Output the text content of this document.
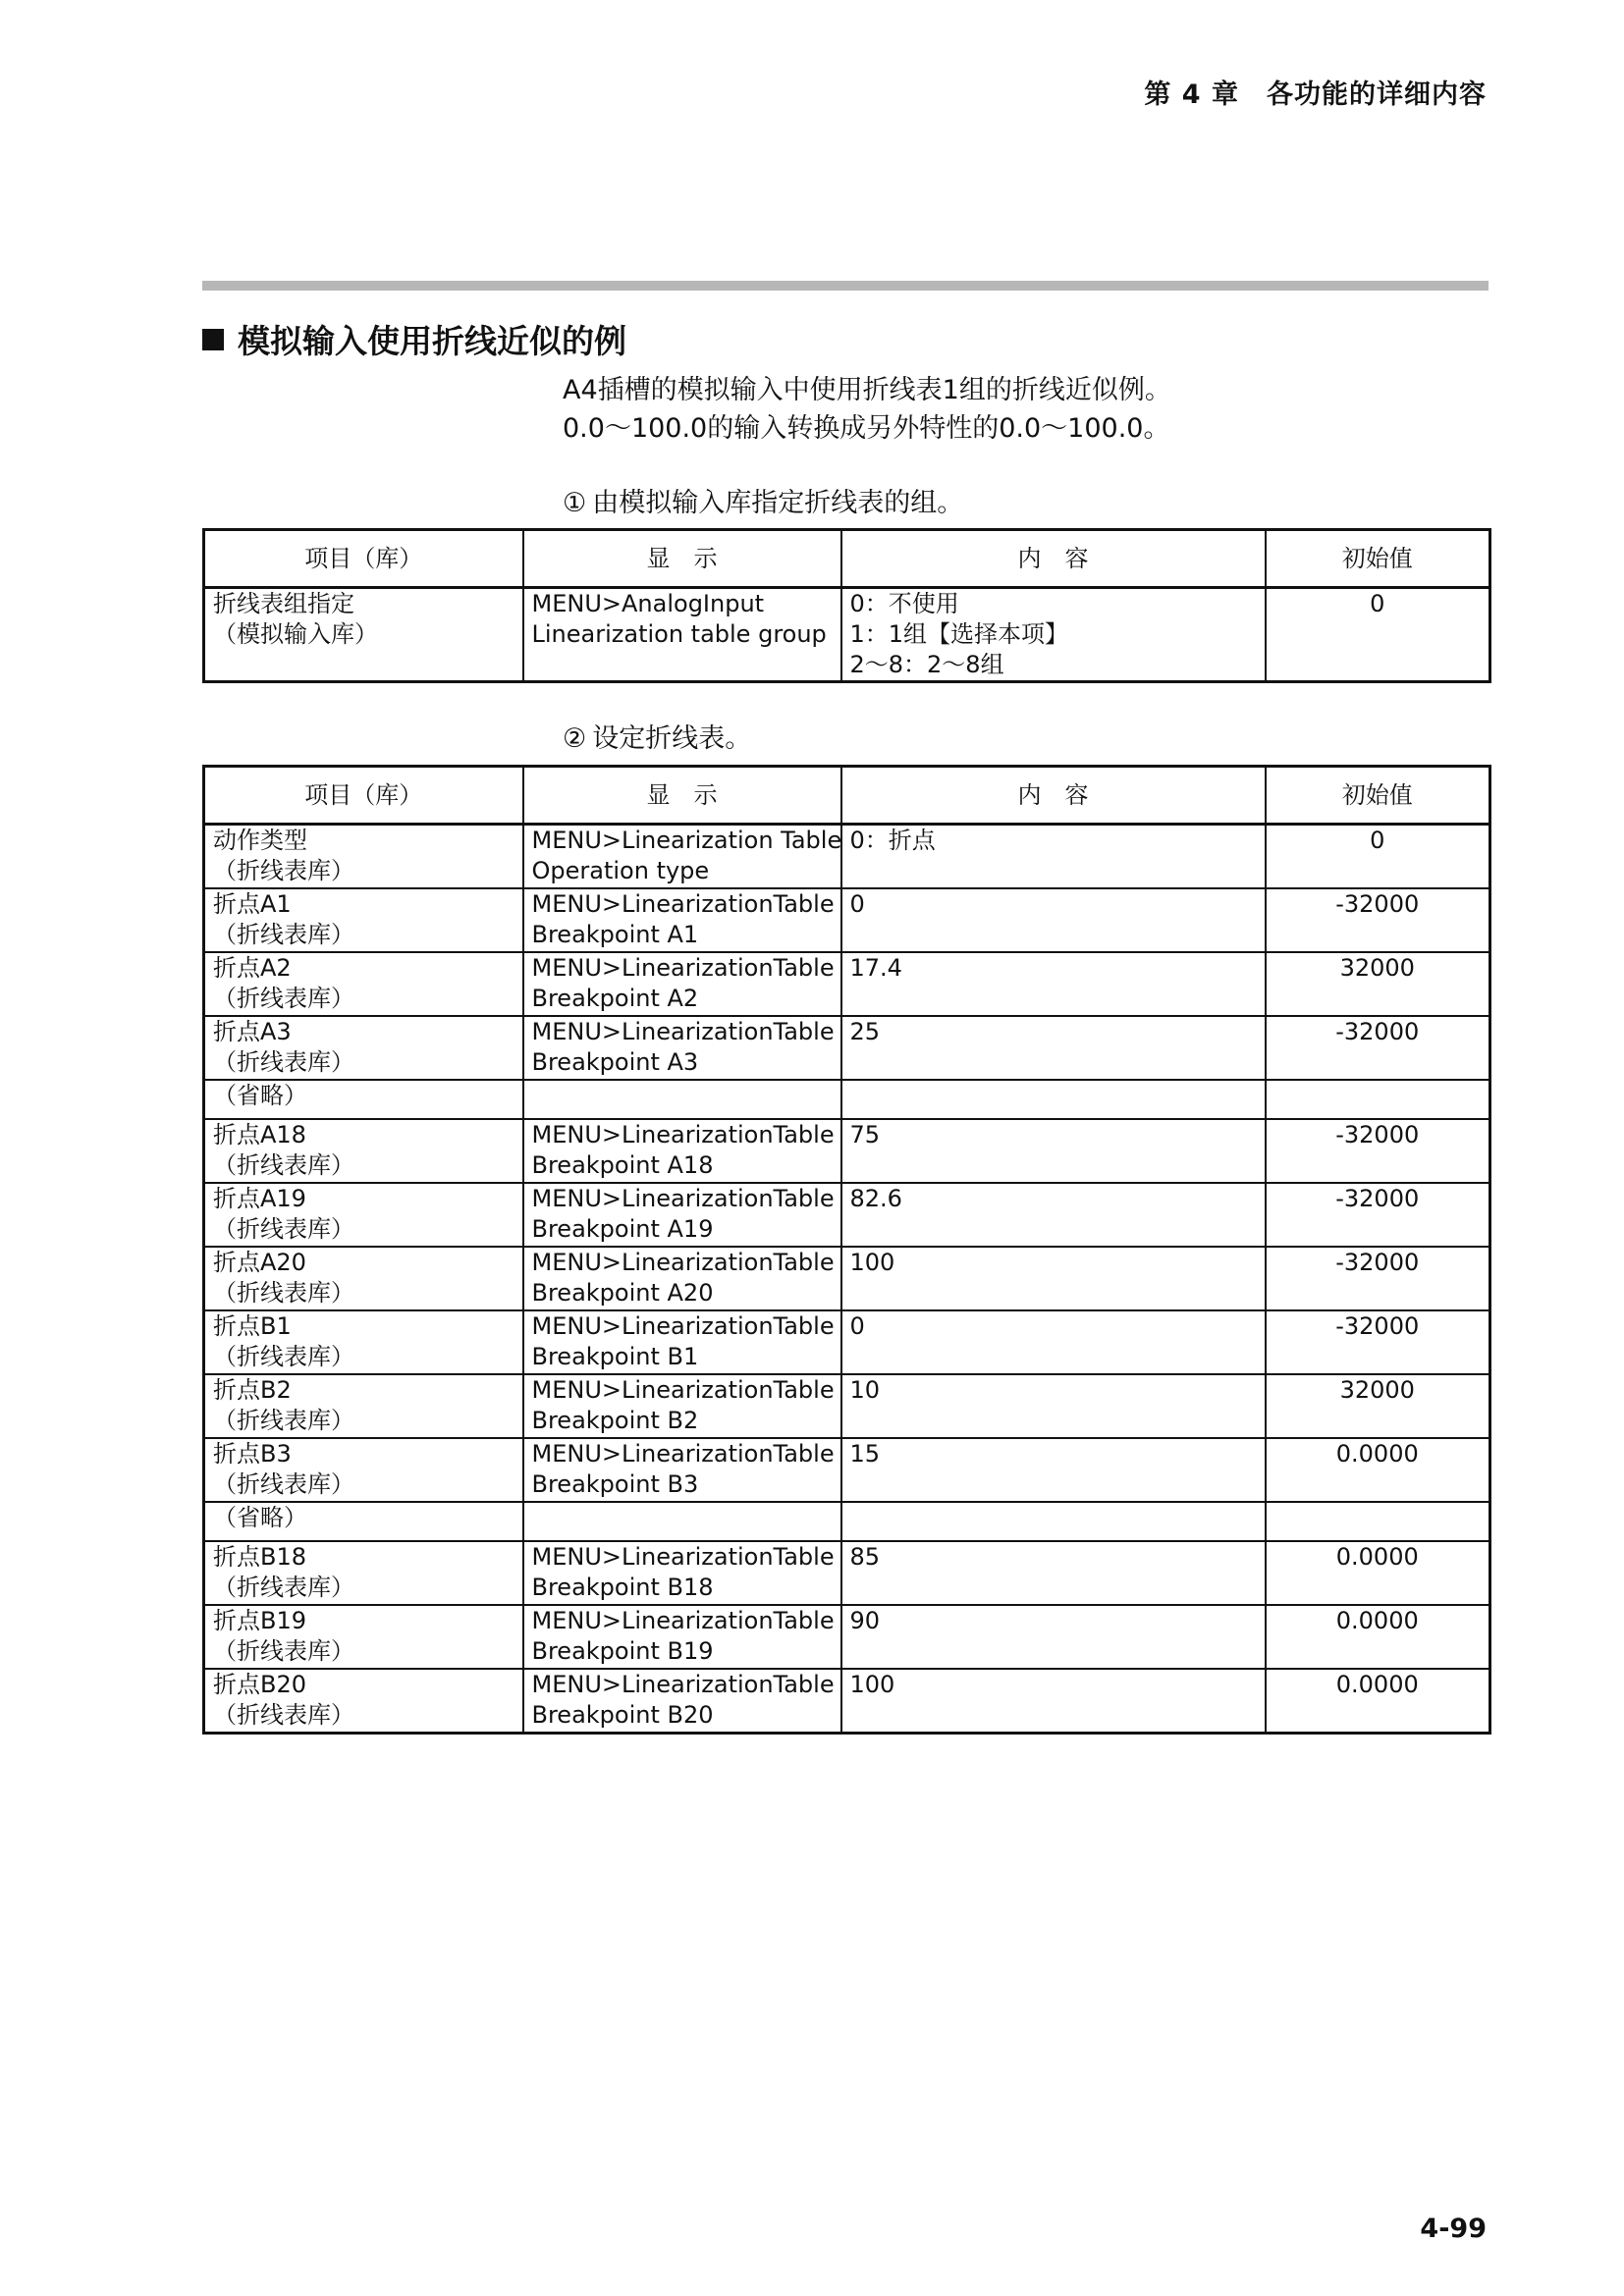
第 4 章　各功能的详细内容
模拟输入使用折线近似的例
A4插槽的模拟输入中使用折线表1组的折线近似例。
0.0～100.0的输入转换成另外特性的0.0～100.0。
① 由模拟输入库指定折线表的组。
项目（库）	显　示	内　容	初始值

折线表组指定
（模拟输入库）	MENU>AnalogInput
Linearization table group	0：不使用
1：1组【选择本项】
2～8：2～8组	0
② 设定折线表。
项目（库）	显　示	内　容	初始值

动作类型
（折线表库）	MENU>Linearization Table
Operation type	0：折点	0

折点A1
（折线表库）	MENU>LinearizationTable
Breakpoint A1	0	-32000

折点A2
（折线表库）	MENU>LinearizationTable
Breakpoint A2	17.4	32000

折点A3
（折线表库）	MENU>LinearizationTable
Breakpoint A3	25	-32000

（省略）			

折点A18
（折线表库）	MENU>LinearizationTable
Breakpoint A18	75	-32000

折点A19
（折线表库）	MENU>LinearizationTable
Breakpoint A19	82.6	-32000

折点A20
（折线表库）	MENU>LinearizationTable
Breakpoint A20	100	-32000

折点B1
（折线表库）	MENU>LinearizationTable
Breakpoint B1	0	-32000

折点B2
（折线表库）	MENU>LinearizationTable
Breakpoint B2	10	32000

折点B3
（折线表库）	MENU>LinearizationTable
Breakpoint B3	15	0.0000

（省略）			

折点B18
（折线表库）	MENU>LinearizationTable
Breakpoint B18	85	0.0000

折点B19
（折线表库）	MENU>LinearizationTable
Breakpoint B19	90	0.0000

折点B20
（折线表库）	MENU>LinearizationTable
Breakpoint B20	100	0.0000
4-99
